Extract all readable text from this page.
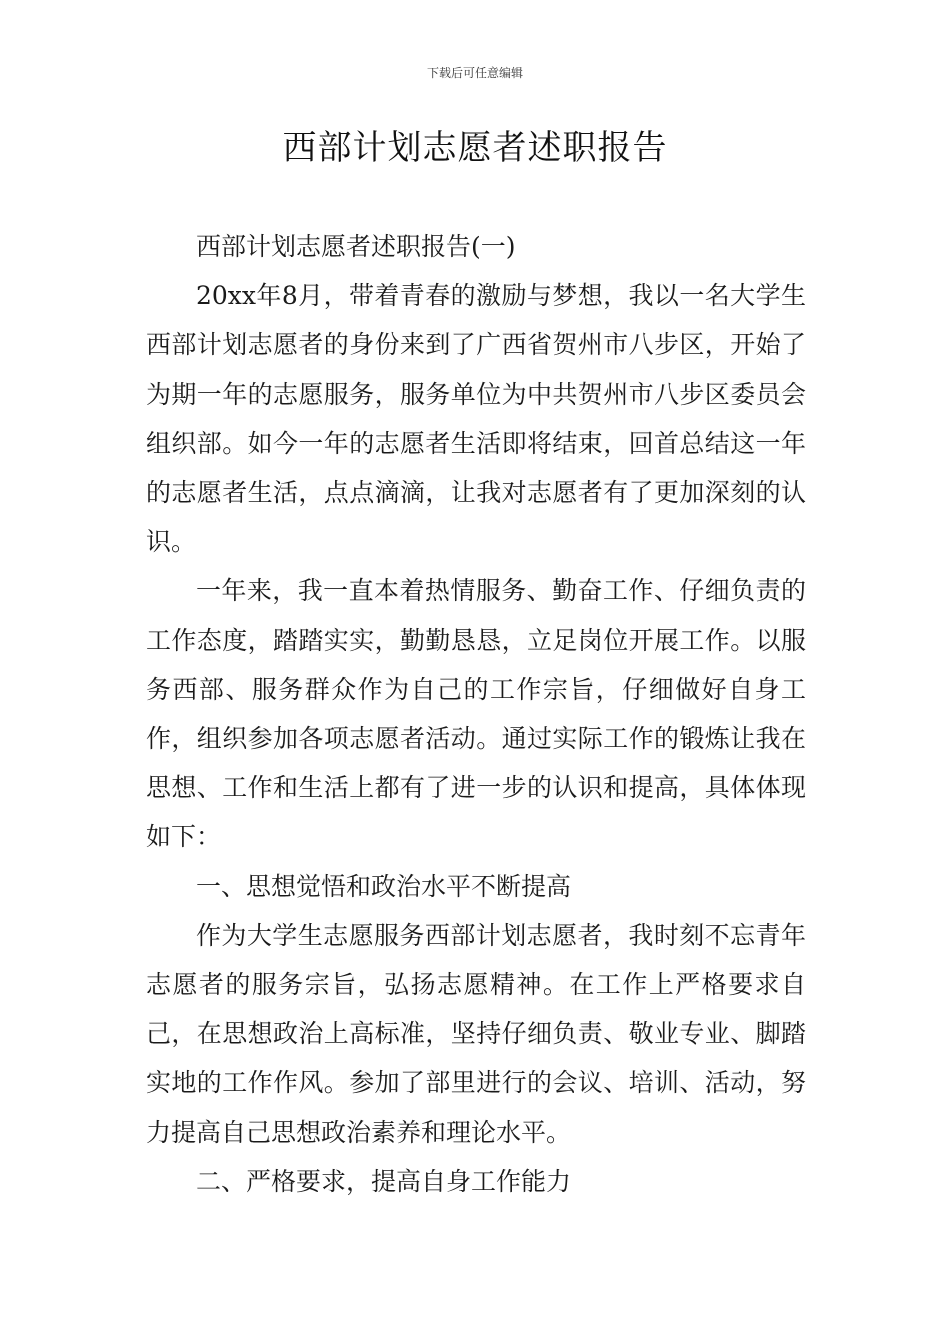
下载后可任意编辑
西部计划志愿者述职报告

西部计划志愿者述职报告(一)

20xx年8月，带着青春的激励与梦想，我以一名大学生西部计划志愿者的身份来到了广西省贺州市八步区，开始了为期一年的志愿服务，服务单位为中共贺州市八步区委员会组织部。如今一年的志愿者生活即将结束，回首总结这一年的志愿者生活，点点滴滴，让我对志愿者有了更加深刻的认识。

一年来，我一直本着热情服务、勤奋工作、仔细负责的工作态度，踏踏实实，勤勤恳恳，立足岗位开展工作。以服务西部、服务群众作为自己的工作宗旨，仔细做好自身工作，组织参加各项志愿者活动。通过实际工作的锻炼让我在思想、工作和生活上都有了进一步的认识和提高，具体体现如下：

一、思想觉悟和政治水平不断提高

作为大学生志愿服务西部计划志愿者，我时刻不忘青年志愿者的服务宗旨，弘扬志愿精神。在工作上严格要求自己，在思想政治上高标准，坚持仔细负责、敬业专业、脚踏实地的工作作风。参加了部里进行的会议、培训、活动，努力提高自己思想政治素养和理论水平。

二、严格要求，提高自身工作能力
